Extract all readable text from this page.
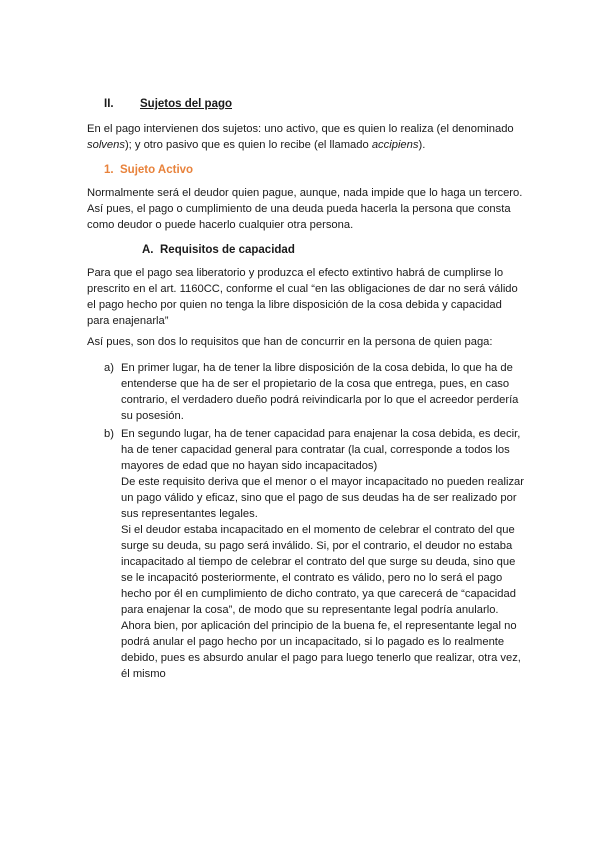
II. Sujetos del pago

En el pago intervienen dos sujetos: uno activo, que es quien lo realiza (el denominado solvens); y otro pasivo que es quien lo recibe (el llamado accipiens).

1. Sujeto Activo

Normalmente será el deudor quien pague, aunque, nada impide que lo haga un tercero. Así pues, el pago o cumplimiento de una deuda pueda hacerla la persona que consta como deudor o puede hacerlo cualquier otra persona.

A. Requisitos de capacidad

Para que el pago sea liberatorio y produzca el efecto extintivo habrá de cumplirse lo prescrito en el art. 1160CC, conforme el cual “en las obligaciones de dar no será válido el pago hecho por quien no tenga la libre disposición de la cosa debida y capacidad para enajenarla”

Así pues, son dos lo requisitos que han de concurrir en la persona de quien paga:

a) En primer lugar, ha de tener la libre disposición de la cosa debida, lo que ha de entenderse que ha de ser el propietario de la cosa que entrega, pues, en caso contrario, el verdadero dueño podrá reivindicarla por lo que el acreedor perdería su posesión.

b) En segundo lugar, ha de tener capacidad para enajenar la cosa debida, es decir, ha de tener capacidad general para contratar (la cual, corresponde a todos los mayores de edad que no hayan sido incapacitados)

De este requisito deriva que el menor o el mayor incapacitado no pueden realizar un pago válido y eficaz, sino que el pago de sus deudas ha de ser realizado por sus representantes legales.

Si el deudor estaba incapacitado en el momento de celebrar el contrato del que surge su deuda, su pago será inválido. Si, por el contrario, el deudor no estaba incapacitado al tiempo de celebrar el contrato del que surge su deuda, sino que se le incapacitó posteriormente, el contrato es válido, pero no lo será el pago hecho por él en cumplimiento de dicho contrato, ya que carecerá de “capacidad para enajenar la cosa”, de modo que su representante legal podría anularlo. Ahora bien, por aplicación del principio de la buena fe, el representante legal no podrá anular el pago hecho por un incapacitado, si lo pagado es lo realmente debido, pues es absurdo anular el pago para luego tenerlo que realizar, otra vez, él mismo
